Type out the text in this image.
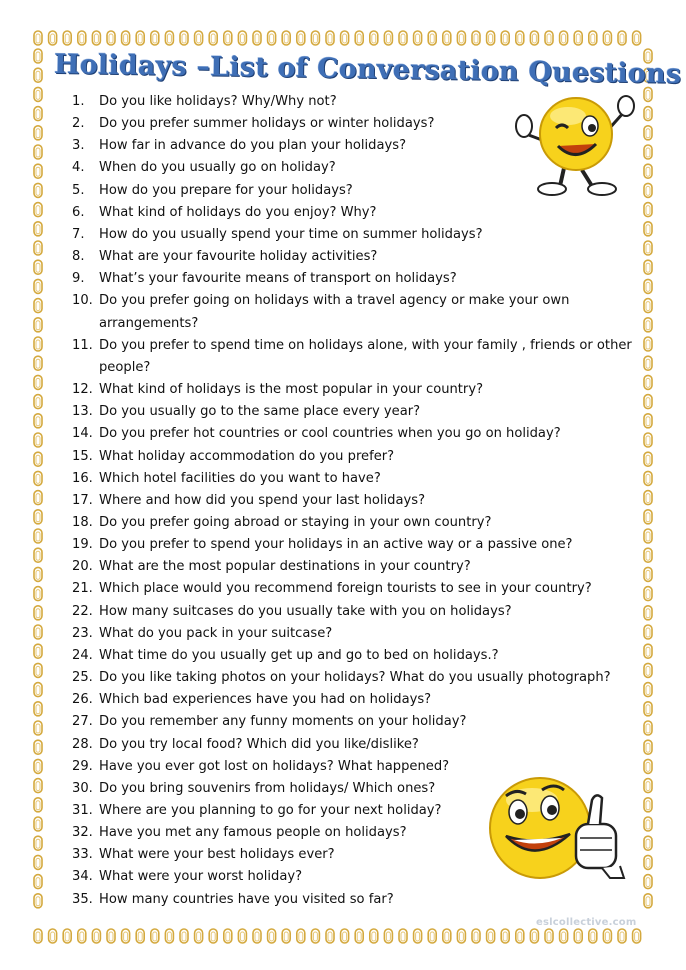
Holidays –List of Conversation Questions
1.	Do you like holidays? Why/Why not?
2.	Do you prefer summer holidays or winter holidays?
3.	How far in advance do you plan your holidays?
4.	When do you usually go on holiday?
5.	How do you prepare for your holidays?
6.	What kind of holidays do you enjoy? Why?
7.	How do you usually spend your time on summer holidays?
8.	What are your favourite holiday activities?
9.	What’s your favourite means of transport on holidays?
10. Do you prefer going on holidays with a travel agency or make your own arrangements?
11. Do you prefer to spend time on holidays alone, with your family , friends or other people?
12. What kind of holidays is the most popular in your country?
13. Do you usually go to the same place every year?
14. Do you prefer hot countries or cool countries when you go on holiday?
15. What holiday accommodation do you prefer?
16. Which hotel facilities do you want to have?
17. Where and how did you spend your last holidays?
18. Do you prefer going abroad or staying in your own country?
19. Do you prefer to spend your holidays in an active way or a passive one?
20. What are the most popular destinations in your country?
21. Which place would you recommend foreign tourists to see in your country?
22. How many suitcases do you usually take with you on holidays?
23. What do you pack in your suitcase?
24. What time do you usually get up and go to bed on holidays.?
25. Do you like taking photos on your holidays? What do you usually photograph?
26. Which bad experiences have you had on holidays?
27. Do you remember any funny moments on your holiday?
28. Do you try local food? Which did you like/dislike?
29. Have you ever got lost on holidays? What happened?
30. Do you bring souvenirs from holidays/ Which ones?
31. Where are you planning to go for your next holiday?
32. Have you met any famous people on holidays?
33. What were your best holidays ever?
34. What were your worst holiday?
35. How many countries have you visited so far?
eslcollective.com
